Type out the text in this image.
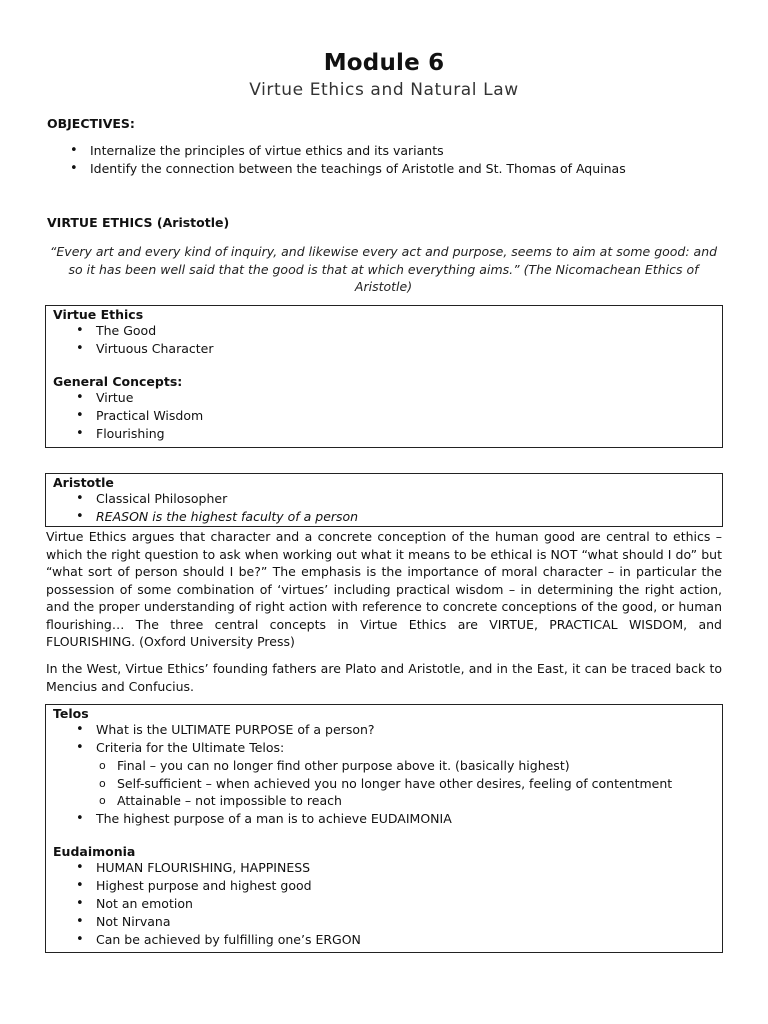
Module 6
Virtue Ethics and Natural Law
OBJECTIVES:
• Internalize the principles of virtue ethics and its variants
• Identify the connection between the teachings of Aristotle and St. Thomas of Aquinas
VIRTUE ETHICS (Aristotle)
“Every art and every kind of inquiry, and likewise every act and purpose, seems to aim at some good: and so it has been well said that the good is that at which everything aims.” (The Nicomachean Ethics of Aristotle)
Virtue Ethics
• The Good
• Virtuous Character
General Concepts:
• Virtue
• Practical Wisdom
• Flourishing
Aristotle
• Classical Philosopher
• REASON is the highest faculty of a person
Virtue Ethics argues that character and a concrete conception of the human good are central to ethics – which the right question to ask when working out what it means to be ethical is NOT “what should I do” but “what sort of person should I be?” The emphasis is the importance of moral character – in particular the possession of some combination of ‘virtues’ including practical wisdom – in determining the right action, and the proper understanding of right action with reference to concrete conceptions of the good, or human flourishing… The three central concepts in Virtue Ethics are VIRTUE, PRACTICAL WISDOM, and FLOURISHING. (Oxford University Press)
In the West, Virtue Ethics’ founding fathers are Plato and Aristotle, and in the East, it can be traced back to Mencius and Confucius.
Telos
• What is the ULTIMATE PURPOSE of a person?
• Criteria for the Ultimate Telos:
o Final – you can no longer find other purpose above it. (basically highest)
o Self-sufficient – when achieved you no longer have other desires, feeling of contentment
o Attainable – not impossible to reach
• The highest purpose of a man is to achieve EUDAIMONIA
Eudaimonia
• HUMAN FLOURISHING, HAPPINESS
• Highest purpose and highest good
• Not an emotion
• Not Nirvana
• Can be achieved by fulfilling one’s ERGON
